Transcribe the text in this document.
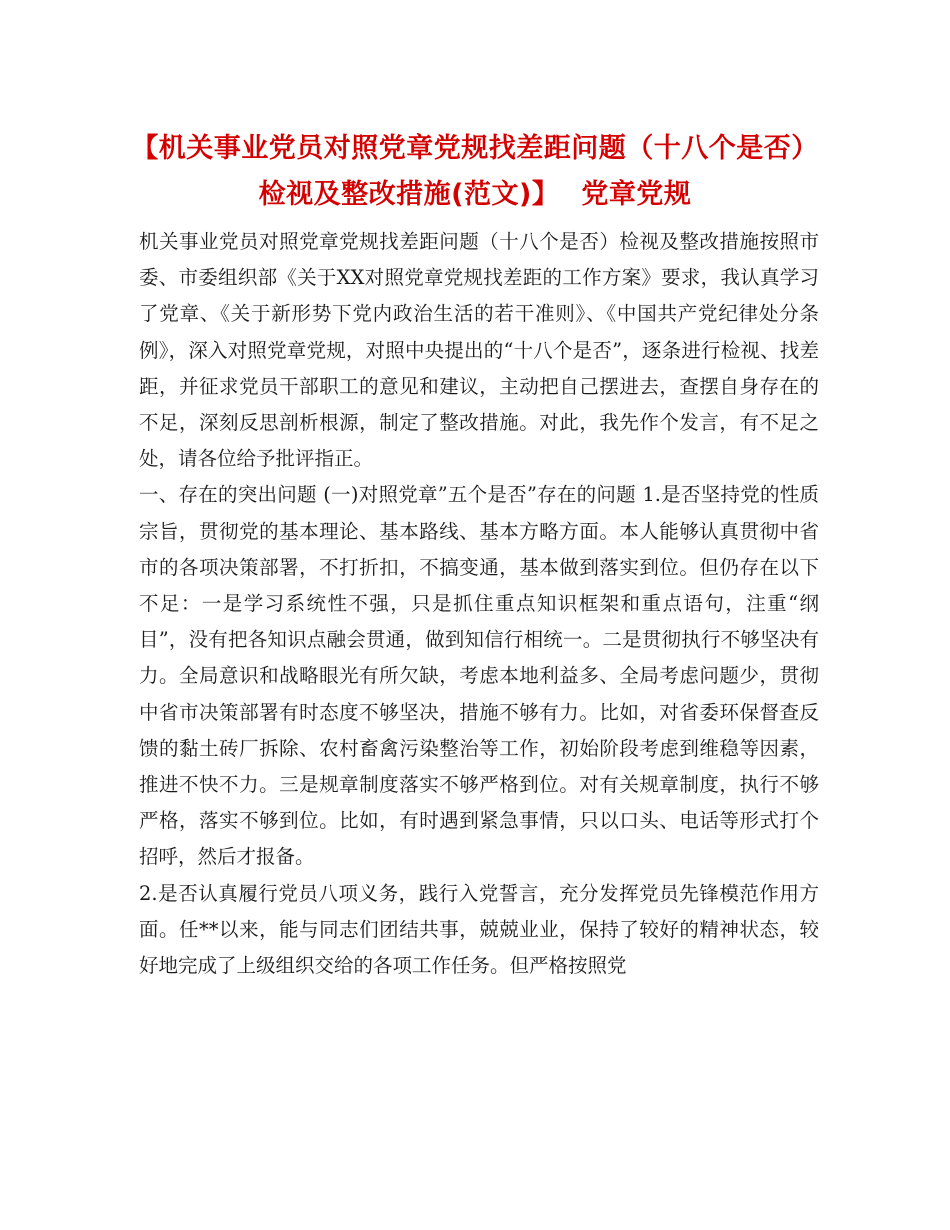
【机关事业党员对照党章党规找差距问题（十八个是否）检视及整改措施(范文)】 党章党规

机关事业党员对照党章党规找差距问题（十八个是否）检视及整改措施按照市委、市委组织部《关于XX对照党章党规找差距的工作方案》要求，我认真学习了党章、《关于新形势下党内政治生活的若干准则》、《中国共产党纪律处分条例》，深入对照党章党规，对照中央提出的“十八个是否”，逐条进行检视、找差距，并征求党员干部职工的意见和建议，主动把自己摆进去，查摆自身存在的不足，深刻反思剖析根源，制定了整改措施。对此，我先作个发言，有不足之处，请各位给予批评指正。

一、存在的突出问题 (一)对照党章”五个是否”存在的问题 1.是否坚持党的性质宗旨，贯彻党的基本理论、基本路线、基本方略方面。本人能够认真贯彻中省市的各项决策部署，不打折扣，不搞变通，基本做到落实到位。但仍存在以下不足：一是学习系统性不强，只是抓住重点知识框架和重点语句，注重“纲目”，没有把各知识点融会贯通，做到知信行相统一。二是贯彻执行不够坚决有力。全局意识和战略眼光有所欠缺，考虑本地利益多、全局考虑问题少，贯彻中省市决策部署有时态度不够坚决，措施不够有力。比如，对省委环保督查反馈的黏土砖厂拆除、农村畜禽污染整治等工作，初始阶段考虑到维稳等因素，推进不快不力。三是规章制度落实不够严格到位。对有关规章制度，执行不够严格，落实不够到位。比如，有时遇到紧急事情，只以口头、电话等形式打个招呼，然后才报备。

2.是否认真履行党员八项义务，践行入党誓言，充分发挥党员先锋模范作用方面。任**以来，能与同志们团结共事，兢兢业业，保持了较好的精神状态，较好地完成了上级组织交给的各项工作任务。但严格按照党
